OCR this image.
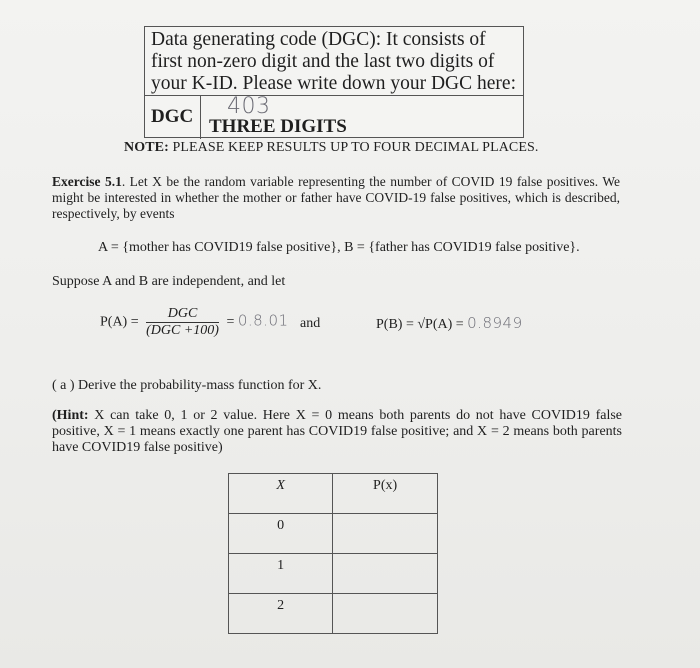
Data generating code (DGC): It consists of first non-zero digit and the last two digits of your K-ID. Please write down your DGC here:
DGC	403
THREE DIGITS
NOTE: PLEASE KEEP RESULTS UP TO FOUR DECIMAL PLACES.
Exercise 5.1. Let X be the random variable representing the number of COVID 19 false positives. We might be interested in whether the mother or father have COVID-19 false positives, which is described, respectively, by events
A = {mother has COVID19 false positive}, B = {father has COVID19 false positive}.
Suppose A and B are independent, and let
$P(A) = \frac{\text{DGC}}{\text{(DGC +100)}} = 0.8.01$ and	P(B) = √P(A) = 0.8949
( a ) Derive the probability-mass function for X.
(Hint: X can take 0, 1 or 2 value. Here X = 0 means both parents do not have COVID19 false positive, X = 1 means exactly one parent has COVID19 false positive; and X = 2 means both parents have COVID19 false positive)
X	P(x)
0	
1	
2	
